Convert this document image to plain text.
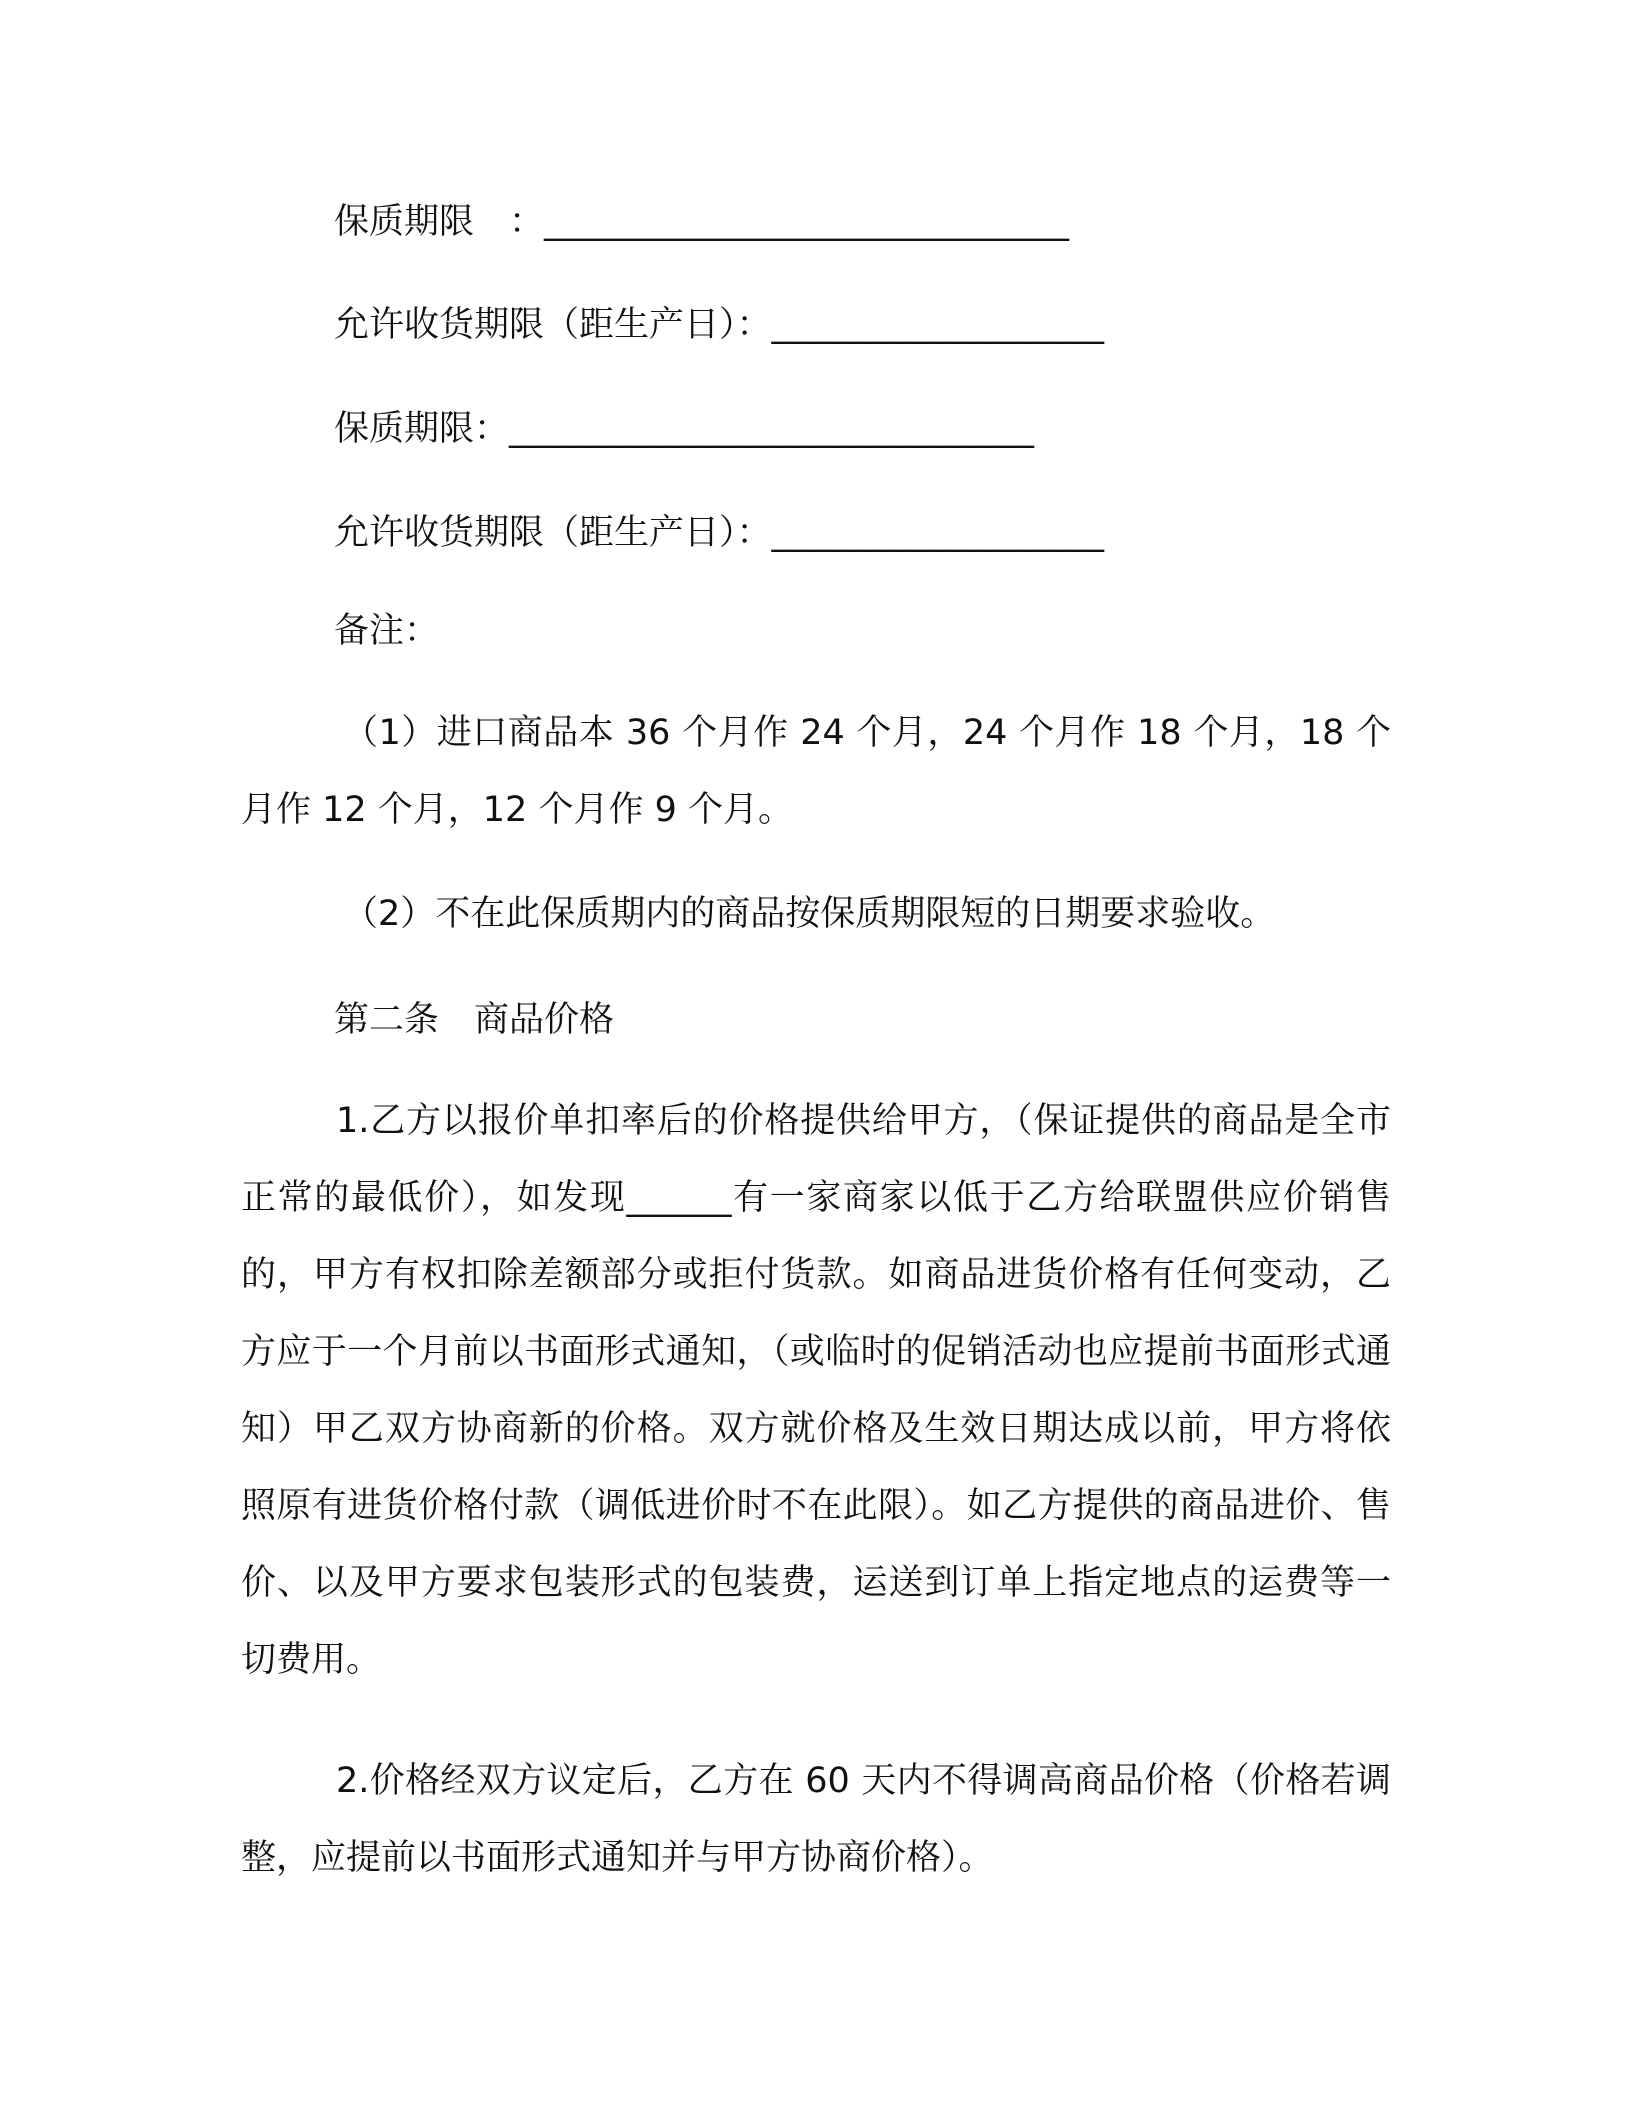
保质期限　：______________________________

允许收货期限（距生产日）：___________________

保质期限：______________________________

允许收货期限（距生产日）：___________________

备注：

（1）进口商品本 36 个月作 24 个月，24 个月作 18 个月，18 个月作 12 个月，12 个月作 9 个月。

（2）不在此保质期内的商品按保质期限短的日期要求验收。

第二条　商品价格

1.乙方以报价单扣率后的价格提供给甲方，（保证提供的商品是全市正常的最低价），如发现______有一家商家以低于乙方给联盟供应价销售的，甲方有权扣除差额部分或拒付货款。如商品进货价格有任何变动，乙方应于一个月前以书面形式通知，（或临时的促销活动也应提前书面形式通知）甲乙双方协商新的价格。双方就价格及生效日期达成以前，甲方将依照原有进货价格付款（调低进价时不在此限）。如乙方提供的商品进价、售价、以及甲方要求包装形式的包装费，运送到订单上指定地点的运费等一切费用。

2.价格经双方议定后，乙方在 60 天内不得调高商品价格（价格若调整，应提前以书面形式通知并与甲方协商价格）。
